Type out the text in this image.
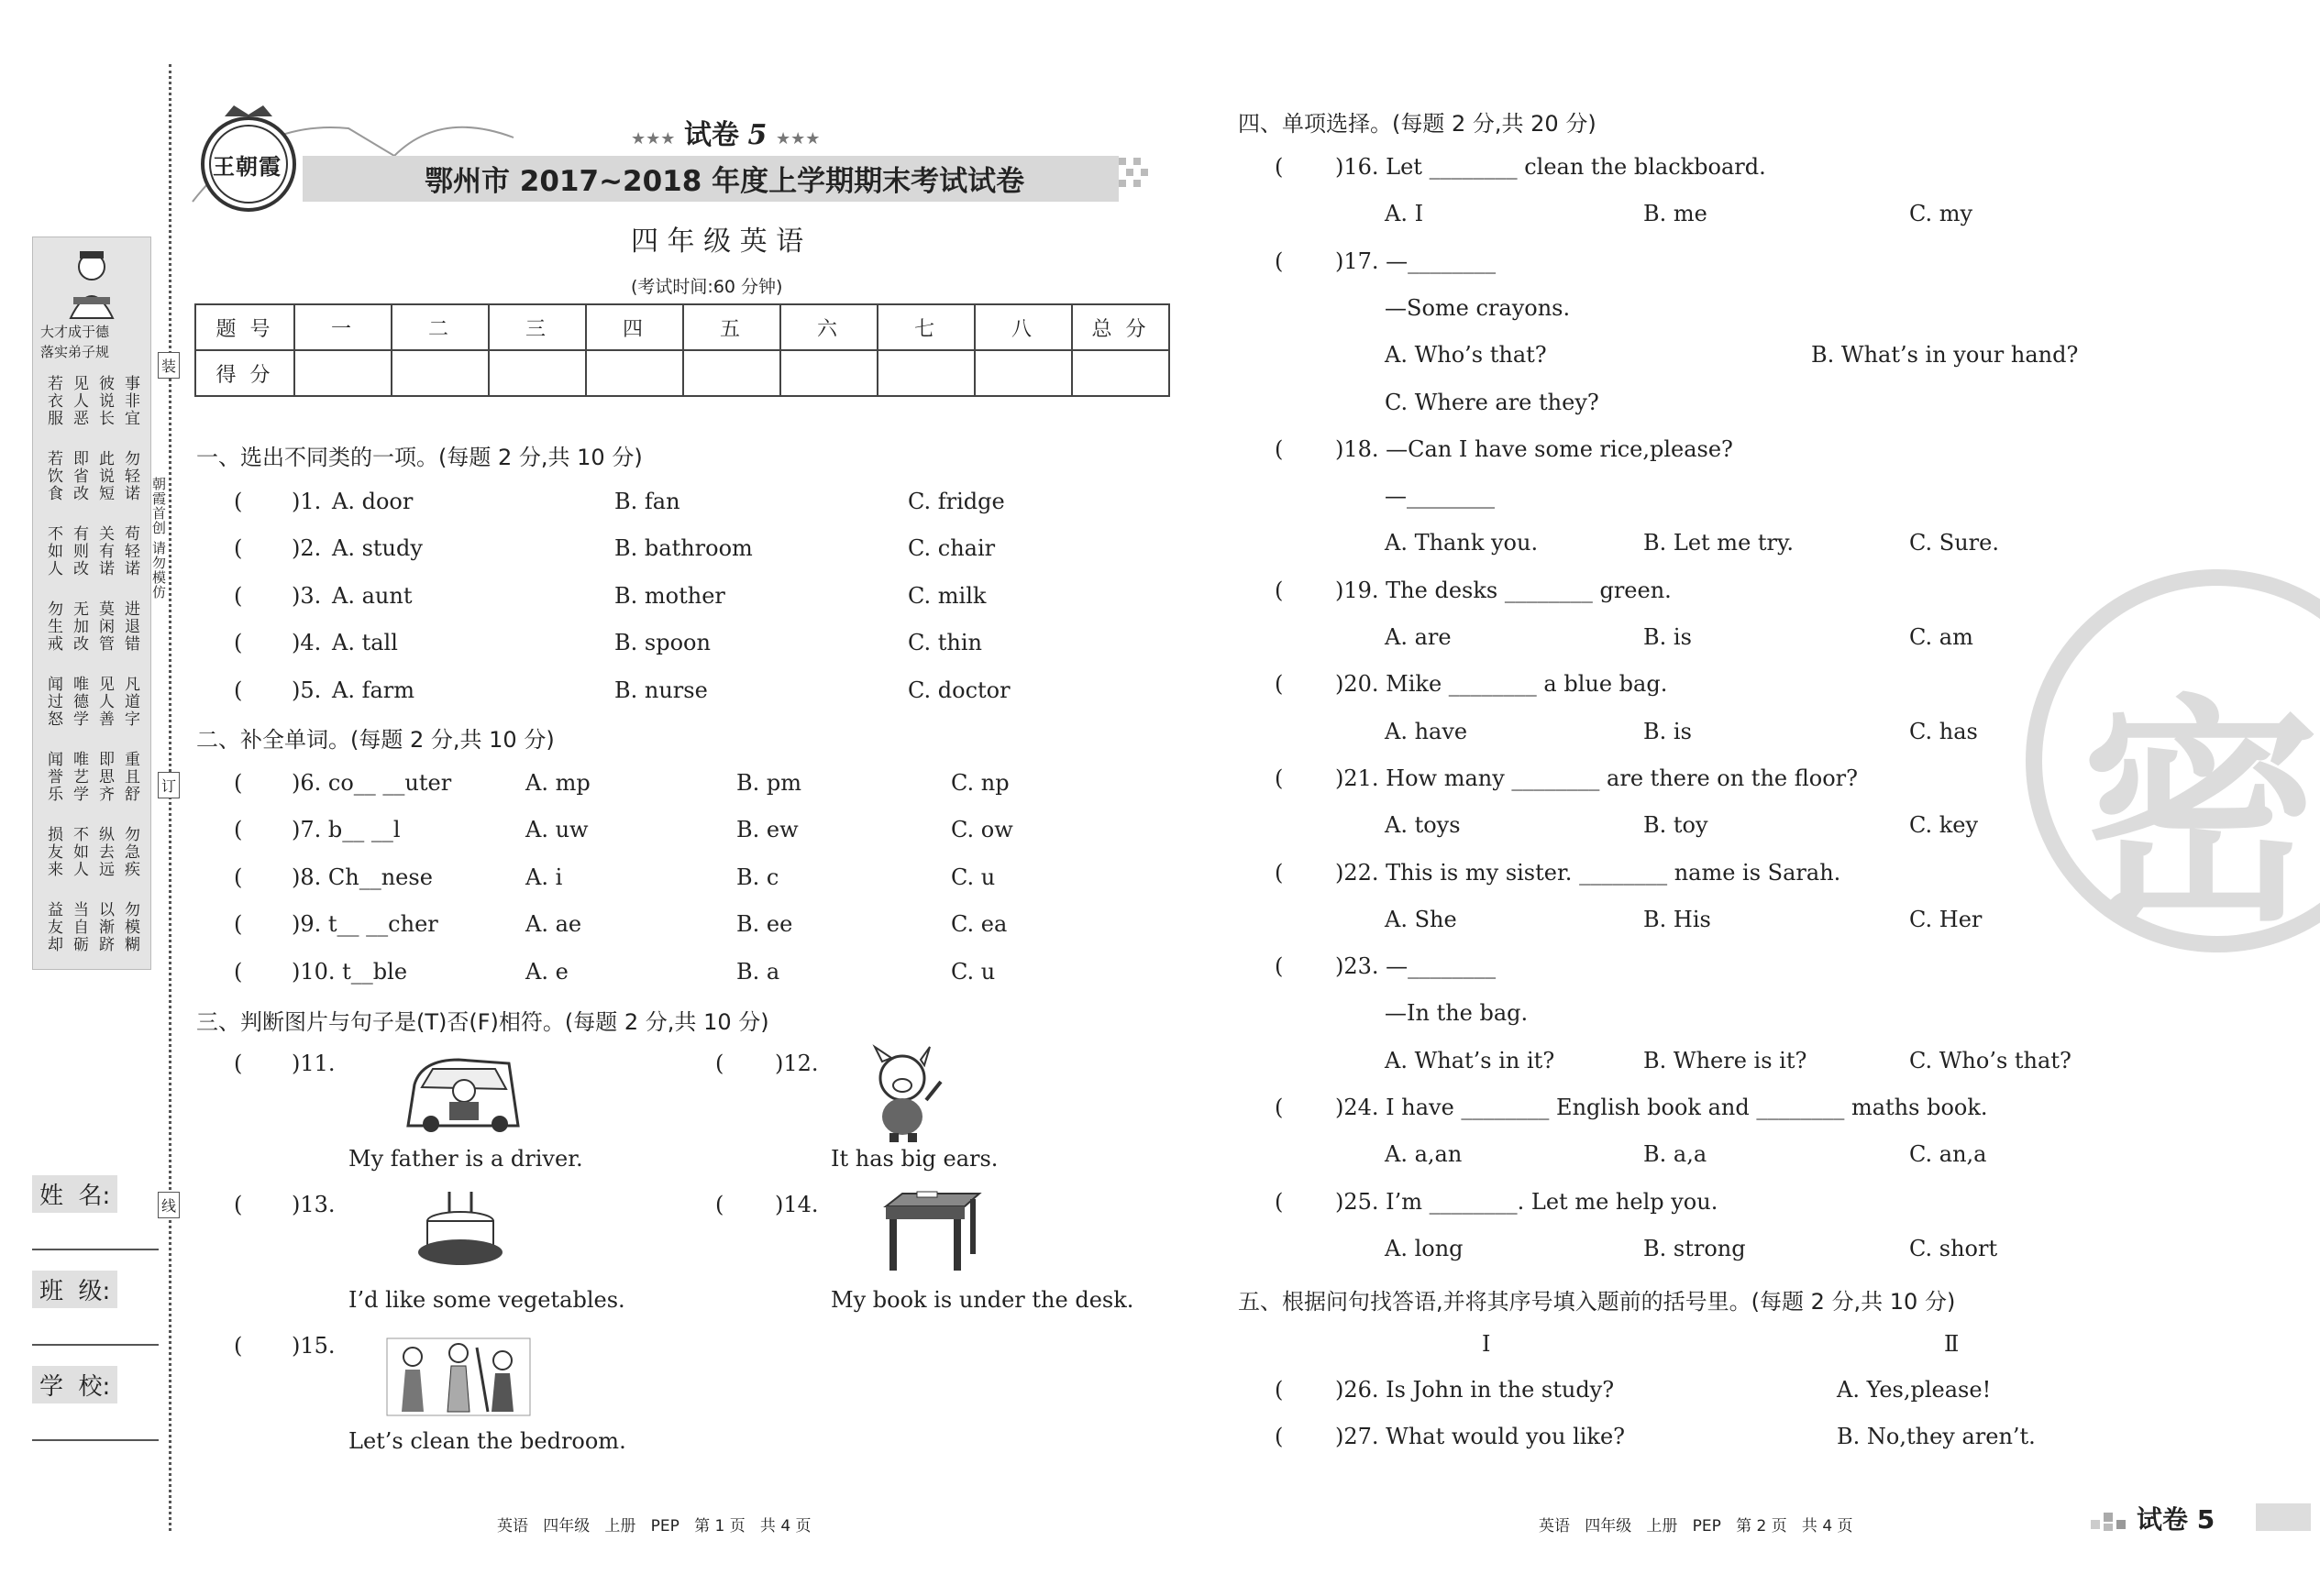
大才成于德
落实弟子规
事非宜
彼说长
见人恶
若衣服
勿轻诺
此说短
即省改
若饮食
苟轻诺
关有诺
有则改
不如人
进退错
莫闲管
无加改
勿生戒
凡道字
见人善
唯德学
闻过怒
重且舒
即思齐
唯艺学
闻誉乐
勿急疾
纵去远
不如人
损友来
勿模糊
以渐跻
当自砺
益友却
装
订
线
朝霞首创 请勿模仿
姓  名:
班  级:
学  校:
王朝霞
★★★ 试卷 5 ★★★
鄂州市 2017~2018 年度上学期期末考试试卷
四 年 级 英 语
(考试时间:60 分钟)
题 号	一	二	三	四	五	六	七	八	总 分
得 分									
一、选出不同类的一项。(每题 2 分,共 10 分)
( )1. A. door	B. fan	C. fridge
( )2. A. study	B. bathroom	C. chair
( )3. A. aunt	B. mother	C. milk
( )4. A. tall	B. spoon	C. thin
( )5. A. farm	B. nurse	C. doctor
二、补全单词。(每题 2 分,共 10 分)
( )6. co__ __uter	A. mp	B. pm	C. np
( )7. b__ __l	A. uw	B. ew	C. ow
( )8. Ch__nese	A. i	B. c	C. u
( )9. t__ __cher	A. ae	B. ee	C. ea
( )10. t__ble	A. e	B. a	C. u
三、判断图片与句子是(T)否(F)相符。(每题 2 分,共 10 分)
( )11.
My father is a driver.
( )12.
It has big ears.
( )13.
I’d like some vegetables.
( )14.
My book is under the desk.
( )15.
Let’s clean the bedroom.
英语   四年级   上册   PEP   第 1 页   共 4 页
四、单项选择。(每题 2 分,共 20 分)
( )16. Let ________ clean the blackboard.
A. I	B. me	C. my
( )17. —________
—Some crayons.
A. Who’s that?	B. What’s in your hand?
C. Where are they?
( )18. —Can I have some rice,please?
—________
A. Thank you.	B. Let me try.	C. Sure.
( )19. The desks ________ green.
A. are	B. is	C. am
( )20. Mike ________ a blue bag.
A. have	B. is	C. has
( )21. How many ________ are there on the floor?
A. toys	B. toy	C. key
( )22. This is my sister. ________ name is Sarah.
A. She	B. His	C. Her
( )23. —________
—In the bag.
A. What’s in it?	B. Where is it?	C. Who’s that?
( )24. I have ________ English book and ________ maths book.
A. a,an	B. a,a	C. an,a
( )25. I’m ________. Let me help you.
A. long	B. strong	C. short
五、根据问句找答语,并将其序号填入题前的括号里。(每题 2 分,共 10 分)
Ⅰ	Ⅱ
( )26. Is John in the study?	A. Yes,please!
( )27. What would you like?	B. No,they aren’t.
密
英语   四年级   上册   PEP   第 2 页   共 4 页	试卷 5
